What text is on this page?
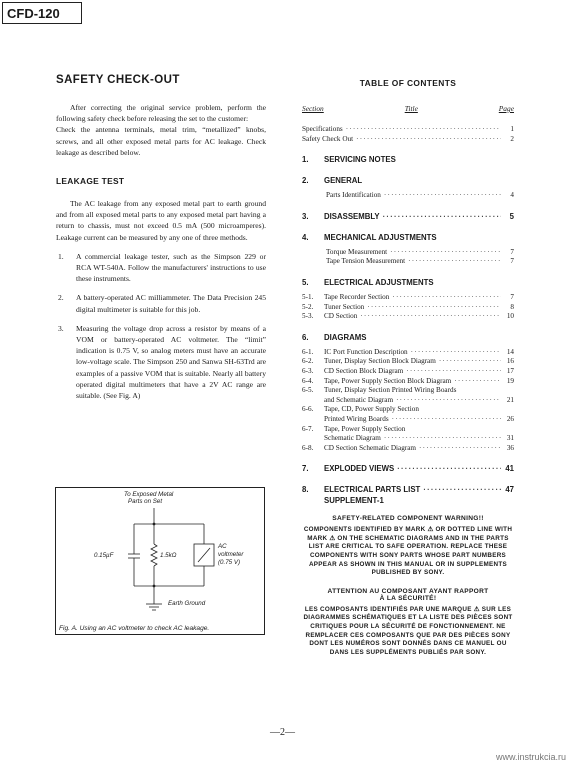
CFD-120
SAFETY CHECK-OUT

After correcting the original service problem, perform the following safety check before releasing the set to the customer:

Check the antenna terminals, metal trim, “metallized” knobs, screws, and all other exposed metal parts for AC leakage. Check leakage as described below.

LEAKAGE TEST

The AC leakage from any exposed metal part to earth ground and from all exposed metal parts to any exposed metal part having a return to chassis, must not exceed 0.5 mA (500 microamperes). Leakage current can be measured by any one of three methods.

1.	A commercial leakage tester, such as the Simpson 229 or RCA WT-540A. Follow the manufacturers' instructions to use these instruments.

2.	A battery-operated AC milliammeter. The Data Precision 245 digital multimeter is suitable for this job.

3.	Measuring the voltage drop across a resistor by means of a VOM or battery-operated AC voltmeter. The “limit” indication is 0.75 V, so analog meters must have an accurate low-voltage scale. The Simpson 250 and Sanwa SH-63Trd are examples of a passive VOM that is suitable. Nearly all battery operated digital multimeters that have a 2V AC range are suitable. (See Fig. A)

To Exposed Metal
Parts on Set
0.15µF	1.5kΩ
AC
voltmeter
(0.75 V)
Earth Ground
Fig. A. Using an AC voltmeter to check AC leakage.
TABLE OF CONTENTS
Section	Title	Page
Specifications ·····	1
Safety Check Out ·····	2
1.	SERVICING NOTES
2.	GENERAL
Parts Identification ·····	4
3.	DISASSEMBLY ·····	5
4.	MECHANICAL ADJUSTMENTS
Torque Measurement ·····	7
Tape Tension Measurement ·····	7
5.	ELECTRICAL ADJUSTMENTS
5-1.	Tape Recorder Section ·····	7
5-2.	Tuner Section ·····	8
5-3.	CD Section ·····	10
6.	DIAGRAMS
6-1.	IC Port Function Description ·····	14
6-2.	Tuner, Display Section Block Diagram ·····	16
6-3.	CD Section Block Diagram ·····	17
6-4.	Tape, Power Supply Section Block Diagram ·····	19
6-5.	Tuner, Display Section Printed Wiring Boards
and Schematic Diagram ·····	21
6-6.	Tape, CD, Power Supply Section
Printed Wiring Boards ·····	26
6-7.	Tape, Power Supply Section
Schematic Diagram ·····	31
6-8.	CD Section Schematic Diagram ·····	36
7.	EXPLODED VIEWS ·····	41
8.	ELECTRICAL PARTS LIST ·····	47
SUPPLEMENT-1
SAFETY-RELATED COMPONENT WARNING!!
COMPONENTS IDENTIFIED BY MARK ⚠ OR DOTTED LINE WITH MARK ⚠ ON THE SCHEMATIC DIAGRAMS AND IN THE PARTS LIST ARE CRITICAL TO SAFE OPERATION. REPLACE THESE COMPONENTS WITH SONY PARTS WHOSE PART NUMBERS APPEAR AS SHOWN IN THIS MANUAL OR IN SUPPLEMENTS PUBLISHED BY SONY.
ATTENTION AU COMPOSANT AYANT RAPPORT
À LA SÉCURITÉ!
LES COMPOSANTS IDENTIFIÉS PAR UNE MARQUE ⚠ SUR LES DIAGRAMMES SCHÉMATIQUES ET LA LISTE DES PIÈCES SONT CRITIQUES POUR LA SÉCURITÉ DE FONCTIONNEMENT. NE REMPLACER CES COMPOSANTS QUE PAR DES PIÈCES SONY DONT LES NUMÉROS SONT DONNÉS DANS CE MANUEL OU DANS LES SUPPLÉMENTS PUBLIÉS PAR SONY.
—2—
www.instrukcia.ru
